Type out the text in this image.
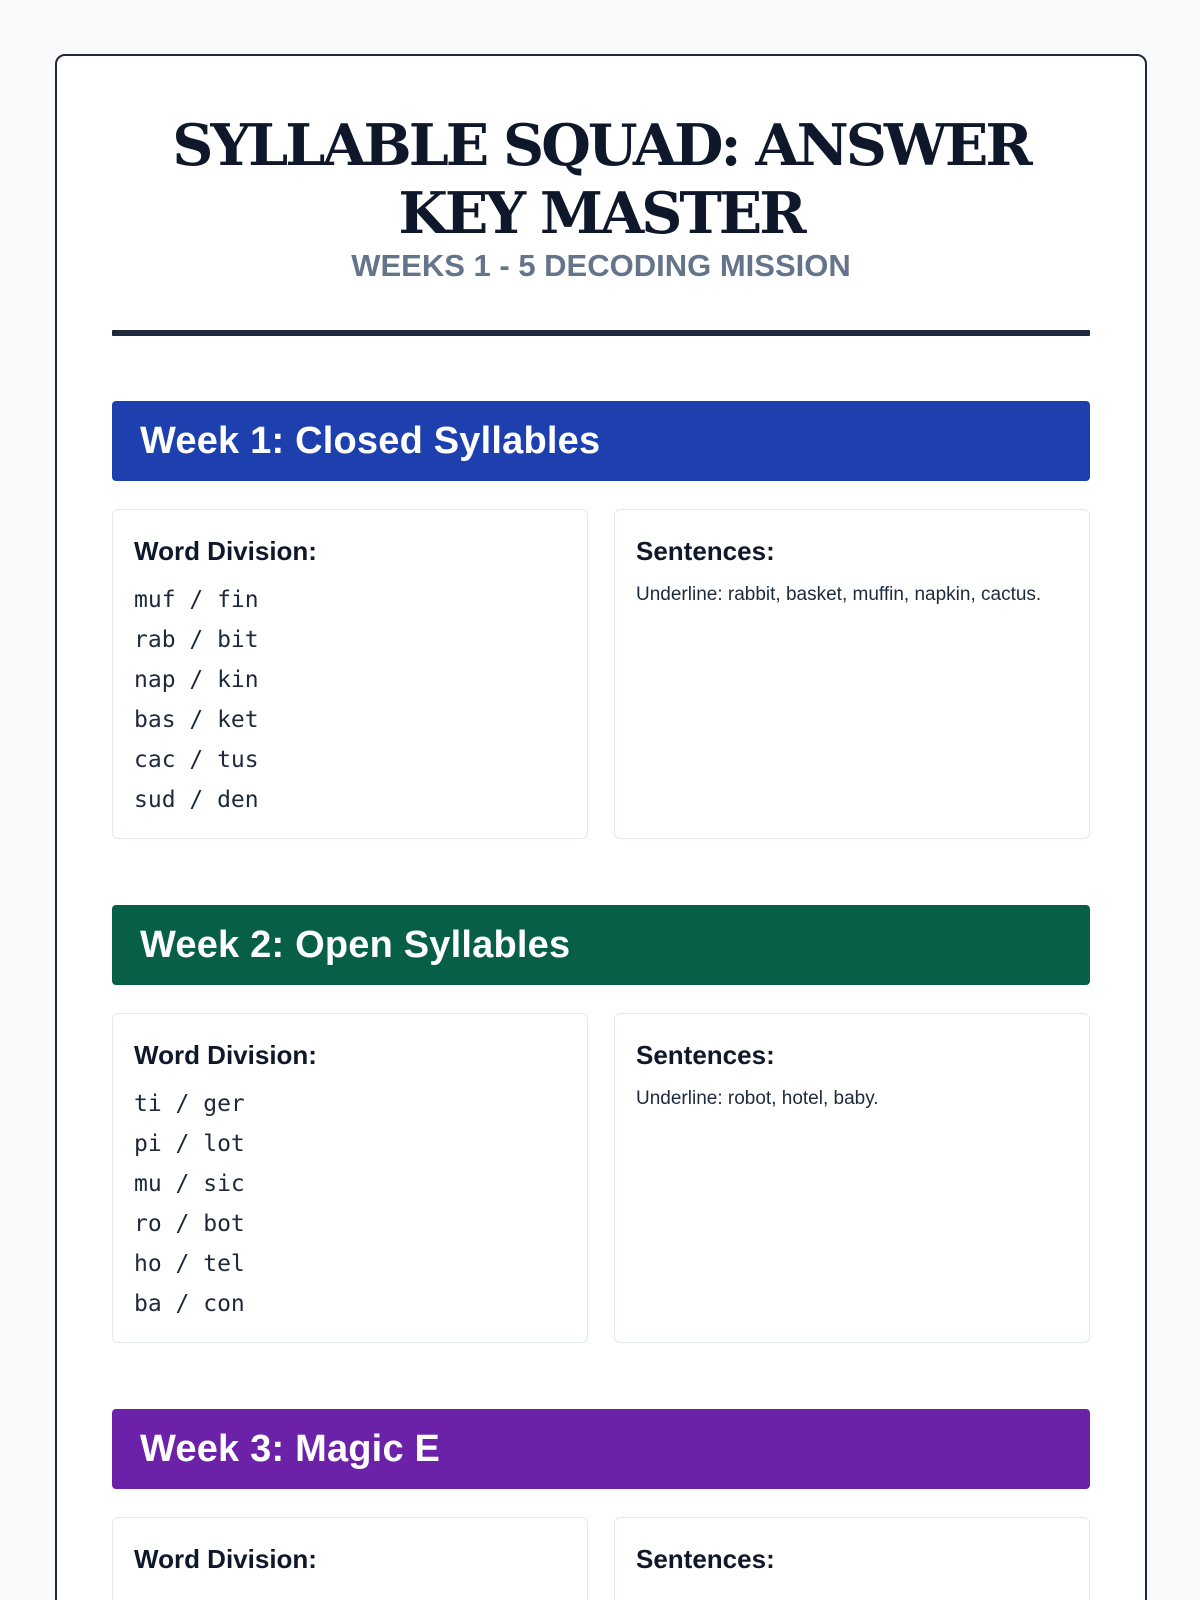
SYLLABLE SQUAD: ANSWER KEY MASTER
WEEKS 1 - 5 DECODING MISSION
Week 1: Closed Syllables
Word Division:
muf / fin
rab / bit
nap / kin
bas / ket
cac / tus
sud / den
Sentences:
Underline: rabbit, basket, muffin, napkin, cactus.
Week 2: Open Syllables
Word Division:
ti / ger
pi / lot
mu / sic
ro / bot
ho / tel
ba / con
Sentences:
Underline: robot, hotel, baby.
Week 3: Magic E
Word Division:	Sentences:
